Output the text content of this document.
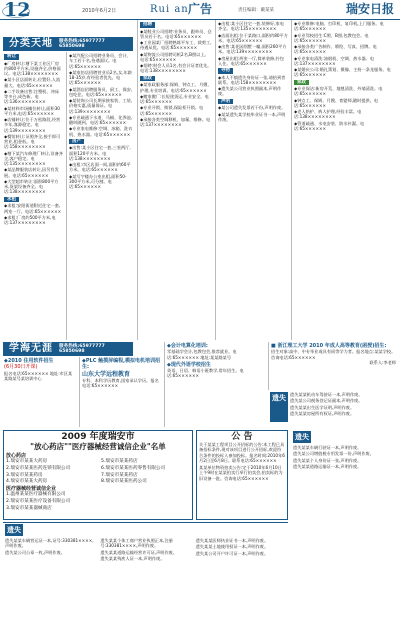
12	2010年6月2日	Rui an 广告	责任编辑：戴某某	瑞安日报
分类天地	服务热线:65977777
65850698
转让
◆厂房转让:塘下某工业区厂房约800平方米,设施齐全,价格面议。电话:138××××××××
◆某小区店面转让,位置好,人流量大。电话:65××××××
◆二手设备出售:注塑机、冲床等多台,成色新。电话:136××××××××
◆某材料市场摊位转让,面积30平方米,电话:65××××××
◆店铺转让:位于万松路段,经营多年,客源稳定。电话:139××××××××
◆餐馆转让:证照齐全,接手即可营业,租金低。电话:158××××××××
◆塘下某汽车修理厂转让,设备齐全,客户稳定。电话:135××××××××
◆某品牌服装店转让,因另有发展。电话:65××××××
◆大型超市转让:面积800平方米,货架设备齐全。电话:138××××××××
求租
◆求租:安阳街道附近住宅一套,两室一厅。电话:65××××××
◆求租:厂房约500平方米,电话:137××××××××
◆某汽配公司招聘业务员、会计、车工若干名,待遇面议。电话:65××××××
◆某家纺店招聘营业员2名,女,年龄18-35岁,有经验者优先。电话:65××××××
◆某酒店招聘服务员、厨工、保安,包吃住。电话:65××××××
◆某装饰公司长期承接家装、工装,价格实惠,质量保证。电话:139××××××××
◆专业疏通下水道、马桶、化粪池,随叫随到。电话:65××××××
◆专业家电维修:空调、冰箱、洗衣机、热水器。电话:65××××××
房产
◆出售:某小区住宅一套,三室两厅,面积120平方米。电话:138××××××××
◆出租:市区店面一间,面积约60平方米。电话:65××××××
◆某写字楼办公室出租,面积50-300平方米,可分割。电话:65××××××
招聘
◆某鞋业公司招聘:业务员、跟单员、仓管员若干名。电话:65××××××
◆工业园某厂招聘熟练平车工、裁剪工,待遇从优。电话:65××××××
◆某物流公司招聘司机2名,B照以上。电话:65××××××
◆招聘:财会人员1名,有会计证者优先。电话:138××××××××
家政
◆某家政服务部:保姆、钟点工、月嫂、护理,专业培训。电话:65××××××
◆搬家搬厂:长短途货运,专业安全。电话:65××××××
◆专业开锁、换锁,保险柜开锁。电话:65××××××
◆承接各类空调移机、加氟、维修。电话:137××××××××
◆出租:某小区住宅一套,装修好,家电齐全。电话:135××××××××
◆店面出租:位于某路口,面积约80平方米。电话:65××××××
◆出售:某花园别墅一幢,面积260平方米。电话:139××××××××
◆房屋出租:两室一厅,简单装修,拎包入住。电话:65××××××
寻物
◆本人不慎遗失身份证一张,请拾到者联系。电话:158××××××××
◆遗失某公司营业执照副本,声明作废。
声明
◆某公司遗失发票若干份,声明作废。
◆某某遗失某学校毕业证书一本,声明作废。
◆专业维修:电脑、打印机、复印机,上门服务。电话:65××××××
◆专业驾校招生:C照、B照,包教包会。电话:65××××××
◆承接各类广告制作、喷绘、写真、招牌。电话:65××××××
◆专业家电清洗:油烟机、空调、热水器。电话:137××××××××
◆某婚庆公司:婚礼策划、摄像、主持一条龙服务。电话:65××××××
家政
◆专业保洁:新房开荒、地毯清洗、外墙清洗。电话:65××××××
◆钟点工、保姆、月嫂、育婴师,随时提供。电话:65××××××
◆老人陪护、病人护理,经验丰富。电话:138××××××××
◆管道疏通、水电安装、防水补漏。电话:65××××××
学海无涯	服务热线:65977777
65850698
◆2010 住用软件招生
(6月30日开课)
报名电话:65×××××× 地址:市区某某路某号某培训中心
◆PLC 触摸屏编程,模拟电机培训招生:
山东大学远程教育
专科、本科学历教育,国家承认学历。报名电话:65××××××
◆会计电算化培训:
零基础学会计,包教包会,推荐就业。电话:65×××××× 地址:某某路某号
◆现代外语学校招生
英语、日语、韩语小班教学,常年招生。电话:65××××××
■ 浙江理工大学 2010 年成人高等教育(函授)招生:
招生对象:高中、中专毕业或具有同等学力者。报名地点:某某学校。咨询电话:65××××××
联系人:李老师
遗失 遗失某某机动车驾驶证一本,声明作废。
遗失某公司税务登记证副本,声明作废。
遗失某某出生医学证明,声明作废。
遗失某某房屋所有权证,声明作废。
2009 年度瑞安市
"放心药店""医疗器械经营诚信企业"名单
放心药店
1.瑞安市某某大药房
2.瑞安市某某医药连锁有限公司
3.瑞安市某某药房
4.瑞安市某某大药房
5.瑞安市某某药店
6.瑞安市某某医药零售有限公司
7.瑞安市某某药店
8.瑞安市某某医药公司
医疗器械经营诚信企业
1.温州某某医疗器械有限公司
2.瑞安市某某医疗设备有限公司
3.瑞安市某某器械商店
公 告
关于某某工程项目公开招标的公告:本工程已具备招标条件,现对该项目进行公开招标,欢迎符合条件的投标人参加投标。报名时间:2010年6月2日至6月8日。联系电话:65××××××
某某单位物资拍卖公告:定于2010年6月10日上午9时在某某拍卖行举行拍卖会,拍卖标的为旧设备一批。咨询电话:65××××××
遗失
遗失某某车辆行驶证一本,声明作废。
遗失某公司增值税专用发票一份,声明作废。
遗失某某个人身份证一张,声明作废。
遗失某某道路运输证一本,声明作废。
遗失
遗失某某车辆营运证一本,证号:330381××××,声明作废。
遗失某公司公章一枚,声明作废。
遗失某某个体工商户营业执照正本,注册号:330381××××,声明作废。
遗失某某道路运输经营许可证,声明作废。
遗失某某残疾人证一本,声明作废。
遗失某某医师执业证书一本,声明作废。
遗失某某土地使用权证一本,声明作废。
遗失某公司开户许可证一本,声明作废。
